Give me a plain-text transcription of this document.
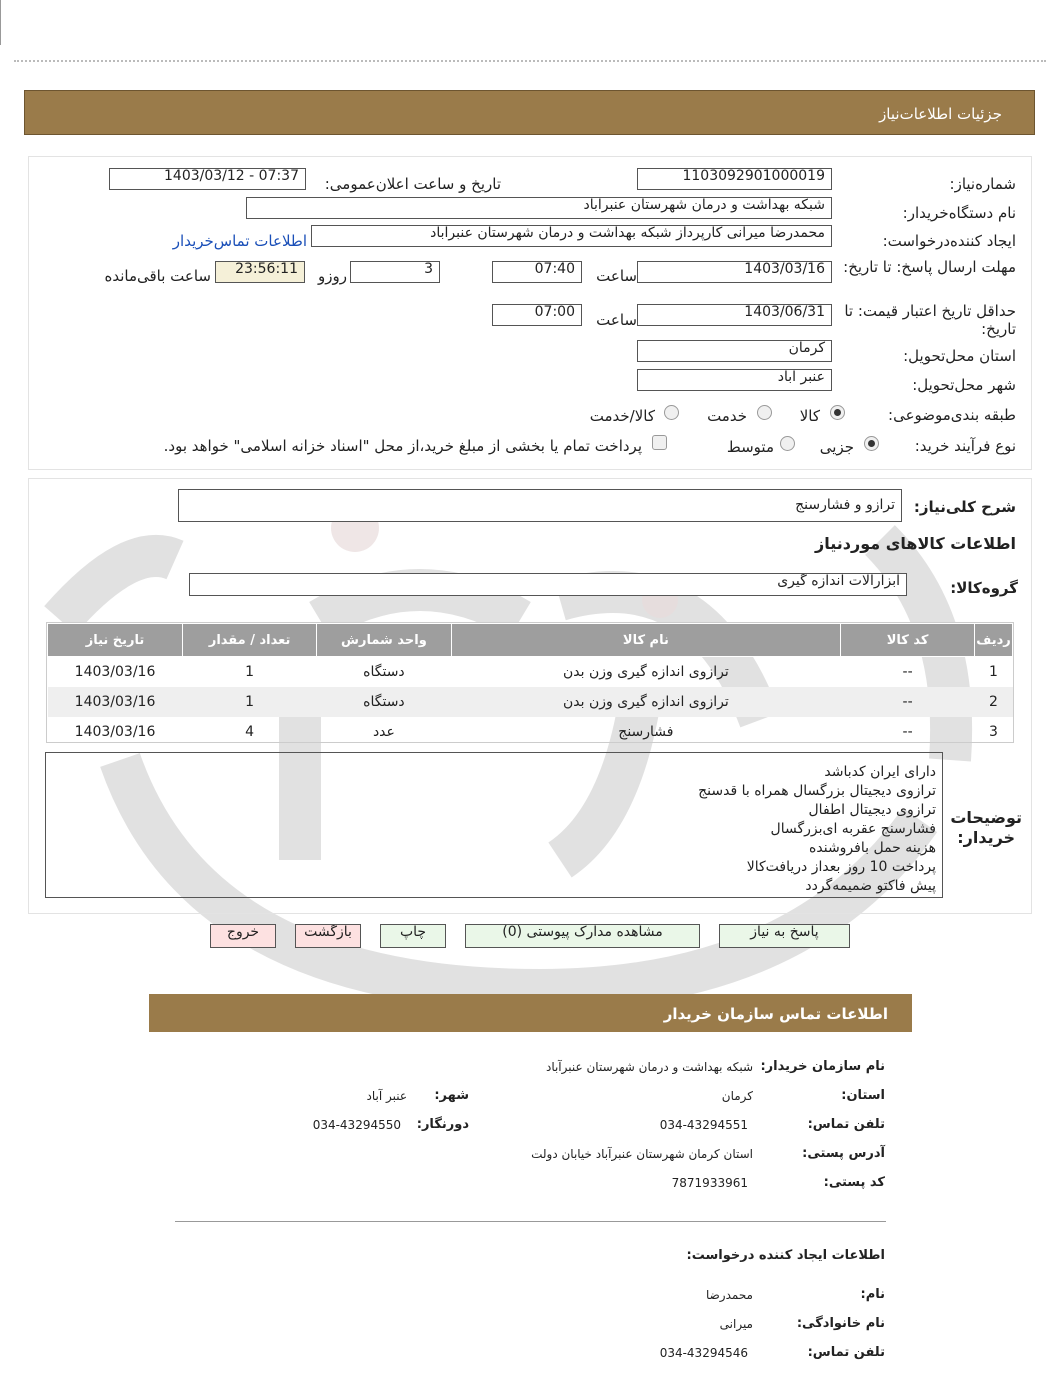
جزئیات اطلاعات‌نیاز
شماره‌نیاز:
1103092901000019
تاریخ و ساعت اعلان‌عمومی:
1403/03/12 - 07:37
نام دستگاه‌خریدار:
شبکه بهداشت و درمان شهرستان عنبرآباد
ایجاد کننده‌درخواست:
محمدرضا میرانی کارپرداز شبکه بهداشت و درمان شهرستان عنبرآباد
اطلاعات تماس‌خریدار
مهلت ارسال پاسخ: تا تاریخ:
1403/03/16
ساعت
07:40
3
روزو
23:56:11
ساعت باقی‌مانده
حداقل تاریخ اعتبار قیمت: تا تاریخ:
1403/06/31
ساعت
07:00
استان محل‌تحویل:
کرمان
شهر محل‌تحویل:
عنبر آباد
طبقه بندی‌موضوعی:
کالا
خدمت
کالا/خدمت
نوع فرآیند خرید:
جزیی
متوسط
پرداخت تمام یا بخشی از مبلغ خرید،از محل "اسناد خزانه اسلامی" خواهد بود.
شرح کلی‌نیاز:
ترازو و فشارسنج
اطلاعات کالاهای موردنیاز
گروه‌کالا:
ابزارالات اندازه گیری
ردیف	کد کالا	نام کالا	واحد شمارش	تعداد / مقدار	تاریخ نیاز
1	--	ترازوی اندازه گیری وزن بدن	دستگاه	1	1403/03/16
2	--	ترازوی اندازه گیری وزن بدن	دستگاه	1	1403/03/16
3	--	فشارسنج	عدد	4	1403/03/16
توضیحات
خریدار:
دارای ایران کدباشد
ترازوی دیجیتال بزرگسال همراه با قدسنج
ترازوی دیجیتال اطفال
فشارسنج عقربه ای‌بزرگسال
هزینه حمل بافروشنده
پرداخت 10 روز بعداز دریافت‌کالا
پیش فاکتو ضمیمه‌گردد
پاسخ به نیاز
مشاهده مدارک پیوستی (0)
چاپ
بازگشت
خروج
اطلاعات تماس سازمان خریدار
نام سازمان خریدار:
شبکه بهداشت و درمان شهرستان عنبرآباد
استان:
کرمان
شهر:
عنبر آباد
تلفن تماس:
034-43294551
دورنگار:
034-43294550
آدرس پستی:
استان کرمان شهرستان عنبرآباد خیابان دولت
کد پستی:
7871933961
اطلاعات ایجاد کننده درخواست:
نام:
محمدرضا
نام خانوادگی:
میرانی
تلفن تماس:
034-43294546
